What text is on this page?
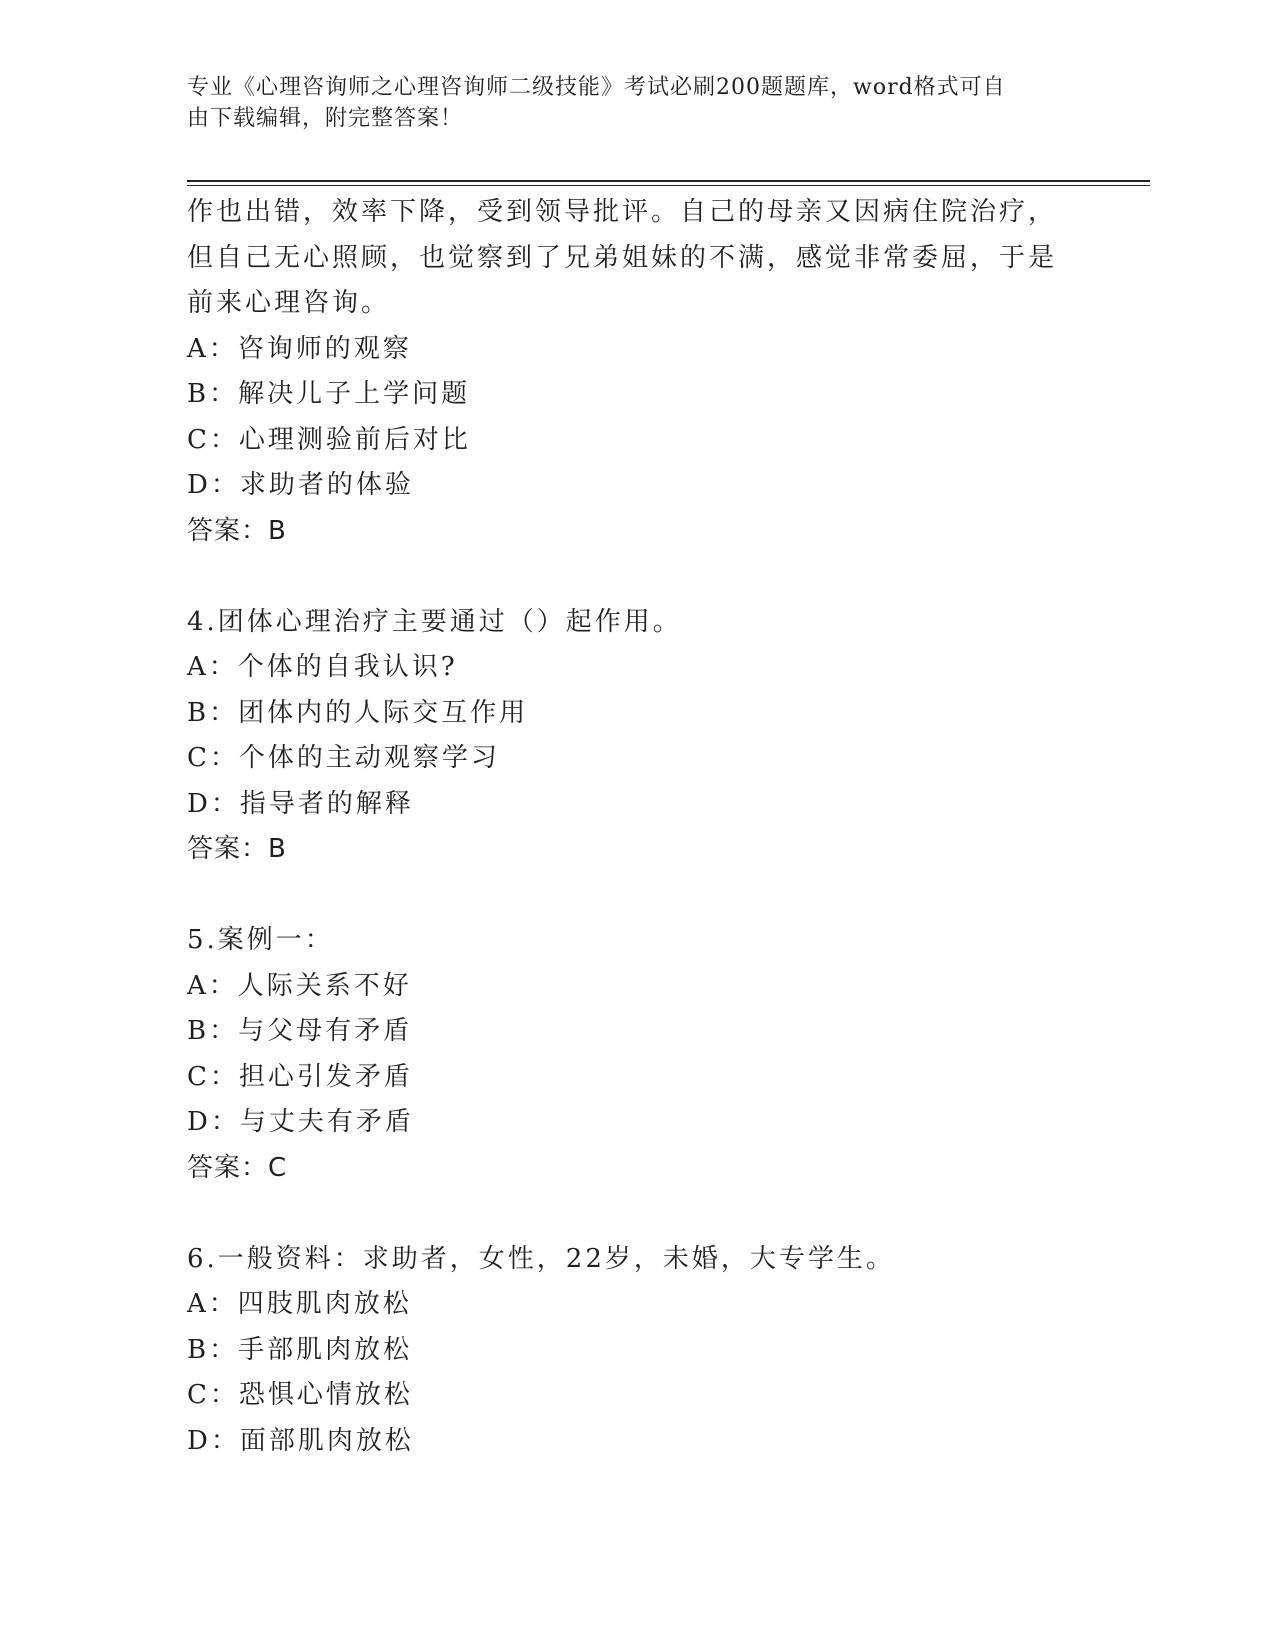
专业《心理咨询师之心理咨询师二级技能》考试必刷200题题库，word格式可自
由下载编辑，附完整答案！
作也出错，效率下降，受到领导批评。自己的母亲又因病住院治疗，
但自己无心照顾，也觉察到了兄弟姐妹的不满，感觉非常委屈，于是
前来心理咨询。
A：咨询师的观察
B：解决儿子上学问题
C：心理测验前后对比
D：求助者的体验
答案：B
4.团体心理治疗主要通过（）起作用。
A：个体的自我认识?
B：团体内的人际交互作用
C：个体的主动观察学习
D：指导者的解释
答案：B
5.案例一：
A：人际关系不好
B：与父母有矛盾
C：担心引发矛盾
D：与丈夫有矛盾
答案：C
6.一般资料：求助者，女性，22岁，未婚，大专学生。
A：四肢肌肉放松
B：手部肌肉放松
C：恐惧心情放松
D：面部肌肉放松
